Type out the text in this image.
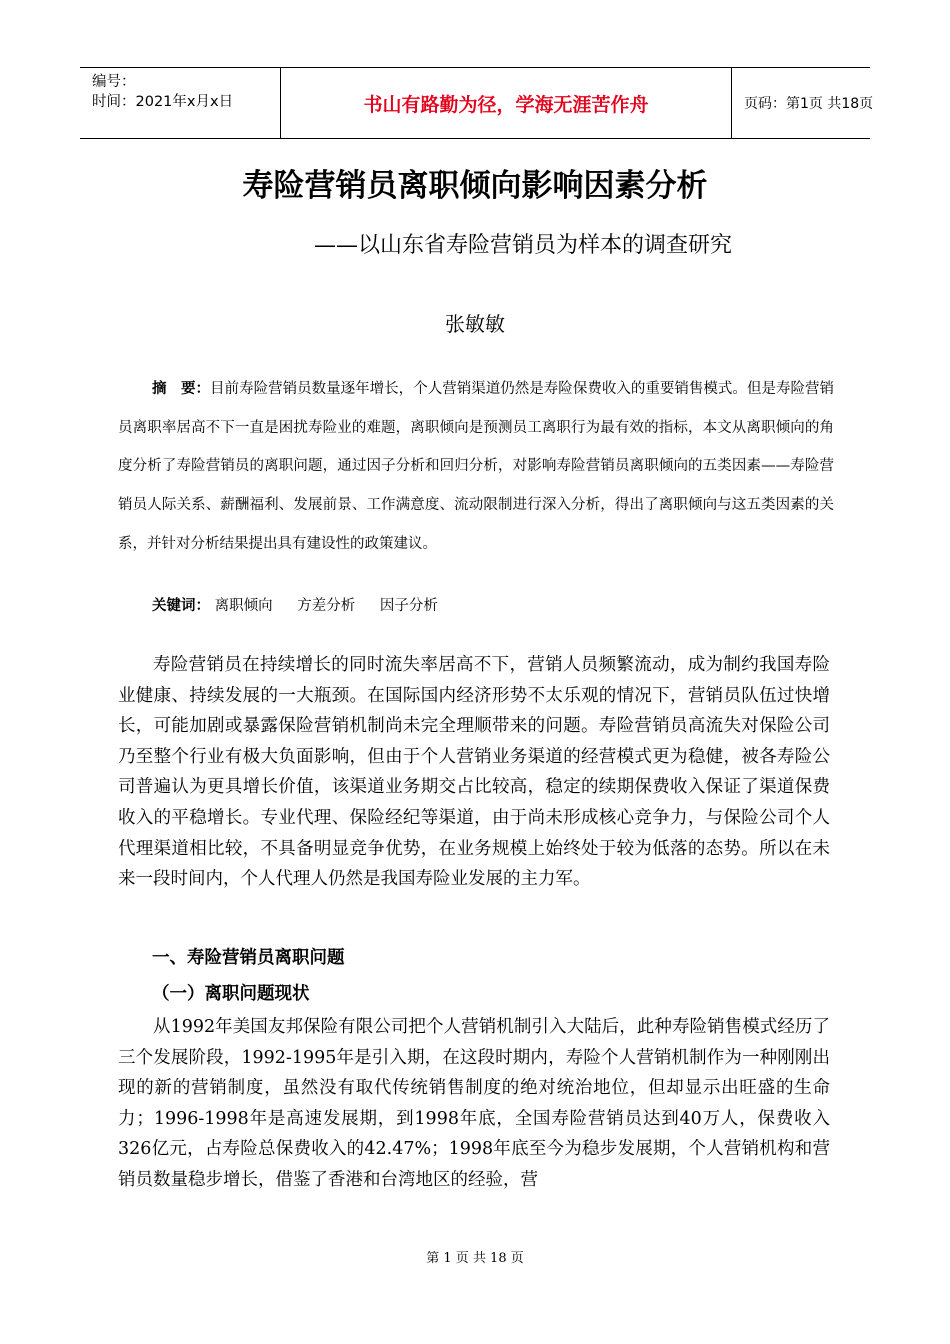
编号：
时间：2021年x月x日	书山有路勤为径，学海无涯苦作舟	页码：第1页 共18页
寿险营销员离职倾向影响因素分析
——以山东省寿险营销员为样本的调查研究
张敏敏
摘　要：目前寿险营销员数量逐年增长，个人营销渠道仍然是寿险保费收入的重要销售模式。但是寿险营销员离职率居高不下一直是困扰寿险业的难题，离职倾向是预测员工离职行为最有效的指标，本文从离职倾向的角度分析了寿险营销员的离职问题，通过因子分析和回归分析，对影响寿险营销员离职倾向的五类因素——寿险营销员人际关系、薪酬福利、发展前景、工作满意度、流动限制进行深入分析，得出了离职倾向与这五类因素的关系，并针对分析结果提出具有建设性的政策建议。
关键词： 离职倾向 方差分析 因子分析
寿险营销员在持续增长的同时流失率居高不下，营销人员频繁流动，成为制约我国寿险业健康、持续发展的一大瓶颈。在国际国内经济形势不太乐观的情况下，营销员队伍过快增长，可能加剧或暴露保险营销机制尚未完全理顺带来的问题。寿险营销员高流失对保险公司乃至整个行业有极大负面影响，但由于个人营销业务渠道的经营模式更为稳健，被各寿险公司普遍认为更具增长价值，该渠道业务期交占比较高，稳定的续期保费收入保证了渠道保费收入的平稳增长。专业代理、保险经纪等渠道，由于尚未形成核心竞争力，与保险公司个人代理渠道相比较，不具备明显竞争优势，在业务规模上始终处于较为低落的态势。所以在未来一段时间内，个人代理人仍然是我国寿险业发展的主力军。
一、寿险营销员离职问题
（一）离职问题现状
从1992年美国友邦保险有限公司把个人营销机制引入大陆后，此种寿险销售模式经历了三个发展阶段，1992-1995年是引入期，在这段时期内，寿险个人营销机制作为一种刚刚出现的新的营销制度，虽然没有取代传统销售制度的绝对统治地位，但却显示出旺盛的生命力；1996-1998年是高速发展期，到1998年底，全国寿险营销员达到40万人，保费收入326亿元，占寿险总保费收入的42.47%；1998年底至今为稳步发展期，个人营销机构和营销员数量稳步增长，借鉴了香港和台湾地区的经验，营
第 1 页 共 18 页
